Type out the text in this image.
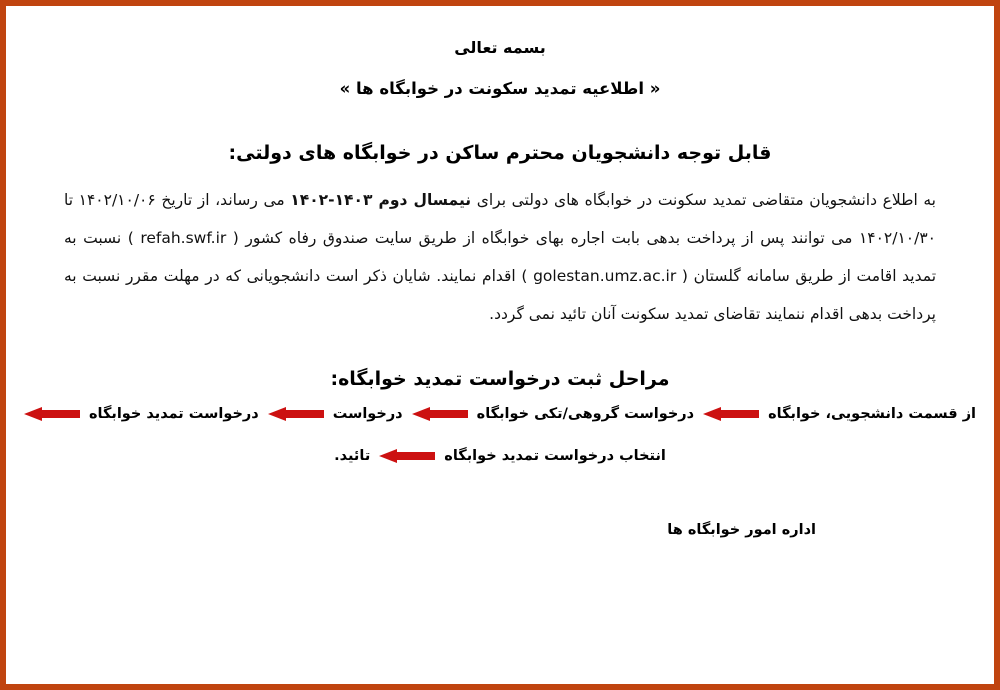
بسمه تعالی
« اطلاعیه تمدید سکونت در خوابگاه ها »
قابل توجه دانشجویان محترم ساکن در خوابگاه های دولتی:
به اطلاع دانشجویان متقاضی تمدید سکونت در خوابگاه های دولتی برای نیمسال دوم ۱۴۰۳-۱۴۰۲ می رساند، از تاریخ ۱۴۰۲/۱۰/۰۶ تا ۱۴۰۲/۱۰/۳۰ می توانند پس از پرداخت بدهی بابت اجاره بهای خوابگاه از طریق سایت صندوق رفاه کشور ( refah.swf.ir ) نسبت به تمدید اقامت از طریق سامانه گلستان ( golestan.umz.ac.ir ) اقدام نمایند. شایان ذکر است دانشجویانی که در مهلت مقرر نسبت به پرداخت بدهی اقدام ننمایند تقاضای تمدید سکونت آنان تائید نمی گردد.
مراحل ثبت درخواست تمدید خوابگاه:
از قسمت دانشجویی، خوابگاه
درخواست گروهی/تکی خوابگاه
درخواست
درخواست تمدید خوابگاه
انتخاب درخواست تمدید خوابگاه
تائید.
اداره امور خوابگاه ها
